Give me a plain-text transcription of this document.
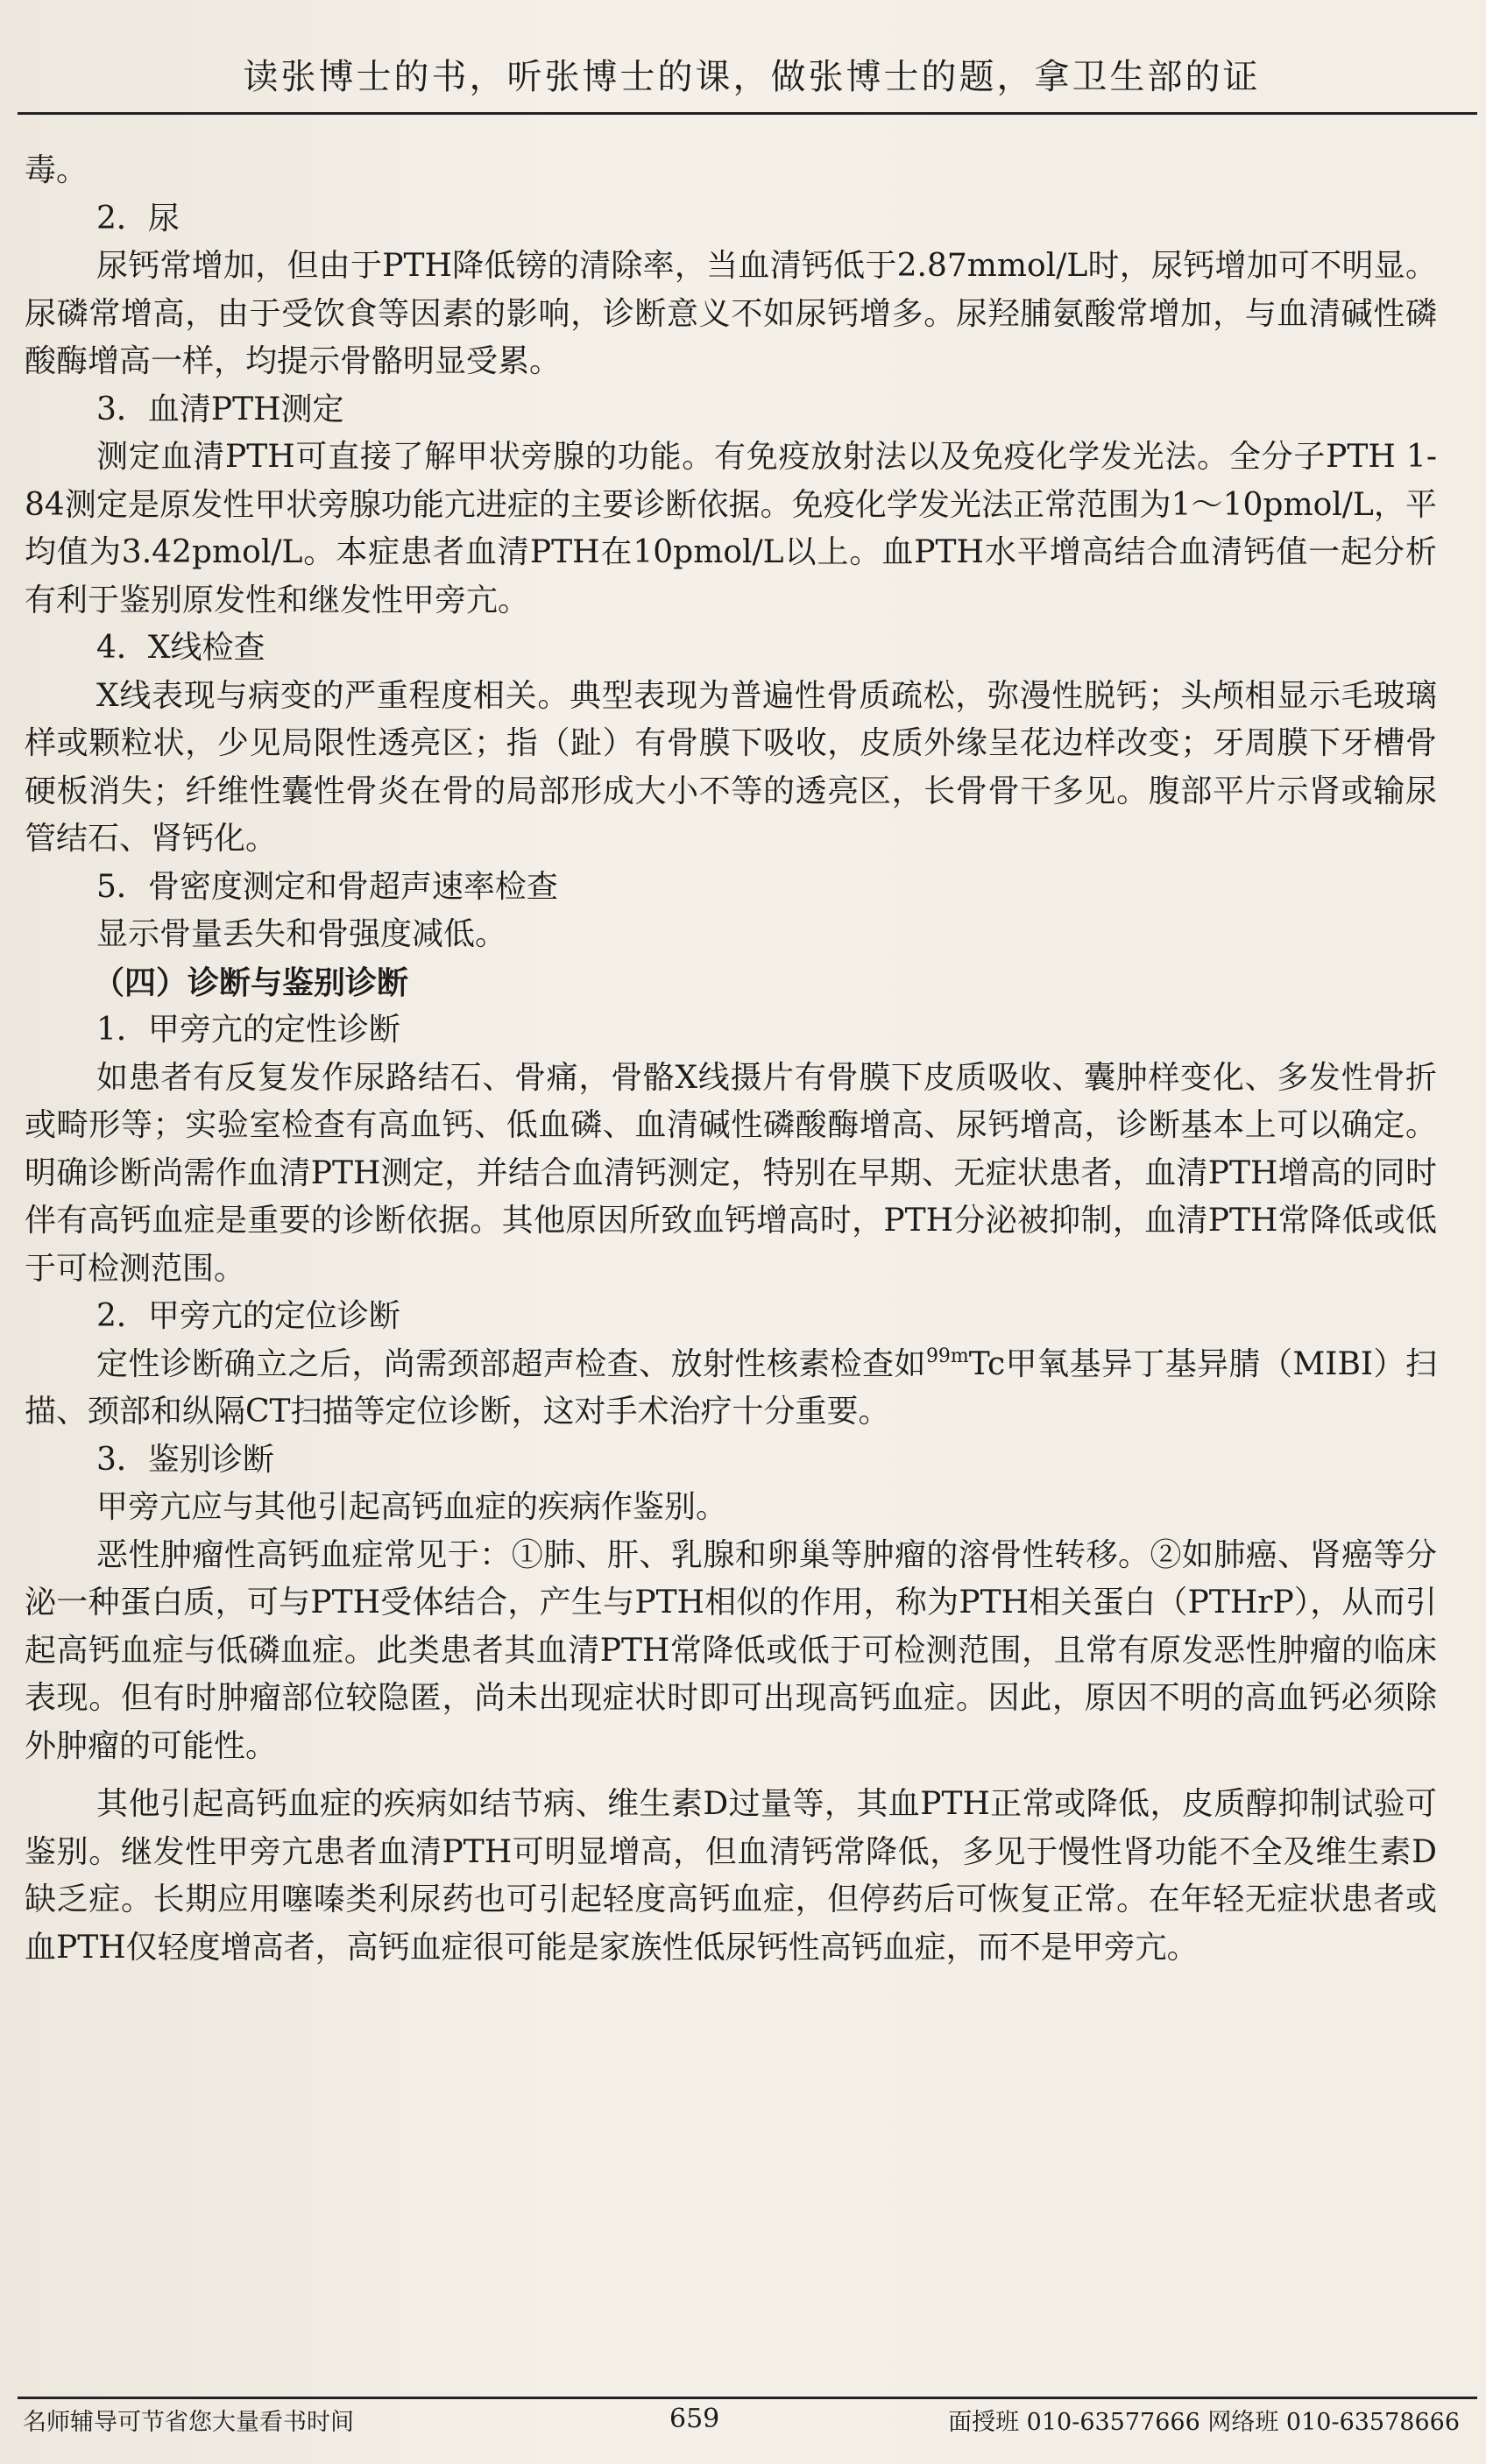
读张博士的书，听张博士的课，做张博士的题，拿卫生部的证

毒。

2．尿

尿钙常增加，但由于PTH降低镑的清除率，当血清钙低于2.87mmol/L时，尿钙增加可不明显。尿磷常增高，由于受饮食等因素的影响，诊断意义不如尿钙增多。尿羟脯氨酸常增加，与血清碱性磷酸酶增高一样，均提示骨骼明显受累。

3．血清PTH测定

测定血清PTH可直接了解甲状旁腺的功能。有免疫放射法以及免疫化学发光法。全分子PTH 1-84测定是原发性甲状旁腺功能亢进症的主要诊断依据。免疫化学发光法正常范围为1～10pmol/L，平均值为3.42pmol/L。本症患者血清PTH在10pmol/L以上。血PTH水平增高结合血清钙值一起分析有利于鉴别原发性和继发性甲旁亢。

4．X线检查

X线表现与病变的严重程度相关。典型表现为普遍性骨质疏松，弥漫性脱钙；头颅相显示毛玻璃样或颗粒状，少见局限性透亮区；指（趾）有骨膜下吸收，皮质外缘呈花边样改变；牙周膜下牙槽骨硬板消失；纤维性囊性骨炎在骨的局部形成大小不等的透亮区，长骨骨干多见。腹部平片示肾或输尿管结石、肾钙化。

5．骨密度测定和骨超声速率检查

显示骨量丢失和骨强度减低。

（四）诊断与鉴别诊断

1．甲旁亢的定性诊断

如患者有反复发作尿路结石、骨痛，骨骼X线摄片有骨膜下皮质吸收、囊肿样变化、多发性骨折或畸形等；实验室检查有高血钙、低血磷、血清碱性磷酸酶增高、尿钙增高，诊断基本上可以确定。明确诊断尚需作血清PTH测定，并结合血清钙测定，特别在早期、无症状患者，血清PTH增高的同时伴有高钙血症是重要的诊断依据。其他原因所致血钙增高时，PTH分泌被抑制，血清PTH常降低或低于可检测范围。

2．甲旁亢的定位诊断

定性诊断确立之后，尚需颈部超声检查、放射性核素检查如$^{99m}$Tc甲氧基异丁基异腈（MIBI）扫描、颈部和纵隔CT扫描等定位诊断，这对手术治疗十分重要。

3．鉴别诊断

甲旁亢应与其他引起高钙血症的疾病作鉴别。

恶性肿瘤性高钙血症常见于：①肺、肝、乳腺和卵巢等肿瘤的溶骨性转移。②如肺癌、肾癌等分泌一种蛋白质，可与PTH受体结合，产生与PTH相似的作用，称为PTH相关蛋白（PTHrP），从而引起高钙血症与低磷血症。此类患者其血清PTH常降低或低于可检测范围，且常有原发恶性肿瘤的临床表现。但有时肿瘤部位较隐匿，尚未出现症状时即可出现高钙血症。因此，原因不明的高血钙必须除外肿瘤的可能性。

其他引起高钙血症的疾病如结节病、维生素D过量等，其血PTH正常或降低，皮质醇抑制试验可鉴别。继发性甲旁亢患者血清PTH可明显增高，但血清钙常降低，多见于慢性肾功能不全及维生素D缺乏症。长期应用噻嗪类利尿药也可引起轻度高钙血症，但停药后可恢复正常。在年轻无症状患者或血PTH仅轻度增高者，高钙血症很可能是家族性低尿钙性高钙血症，而不是甲旁亢。

名师辅导可节省您大量看书时间	659	面授班 010-63577666 网络班 010-63578666
